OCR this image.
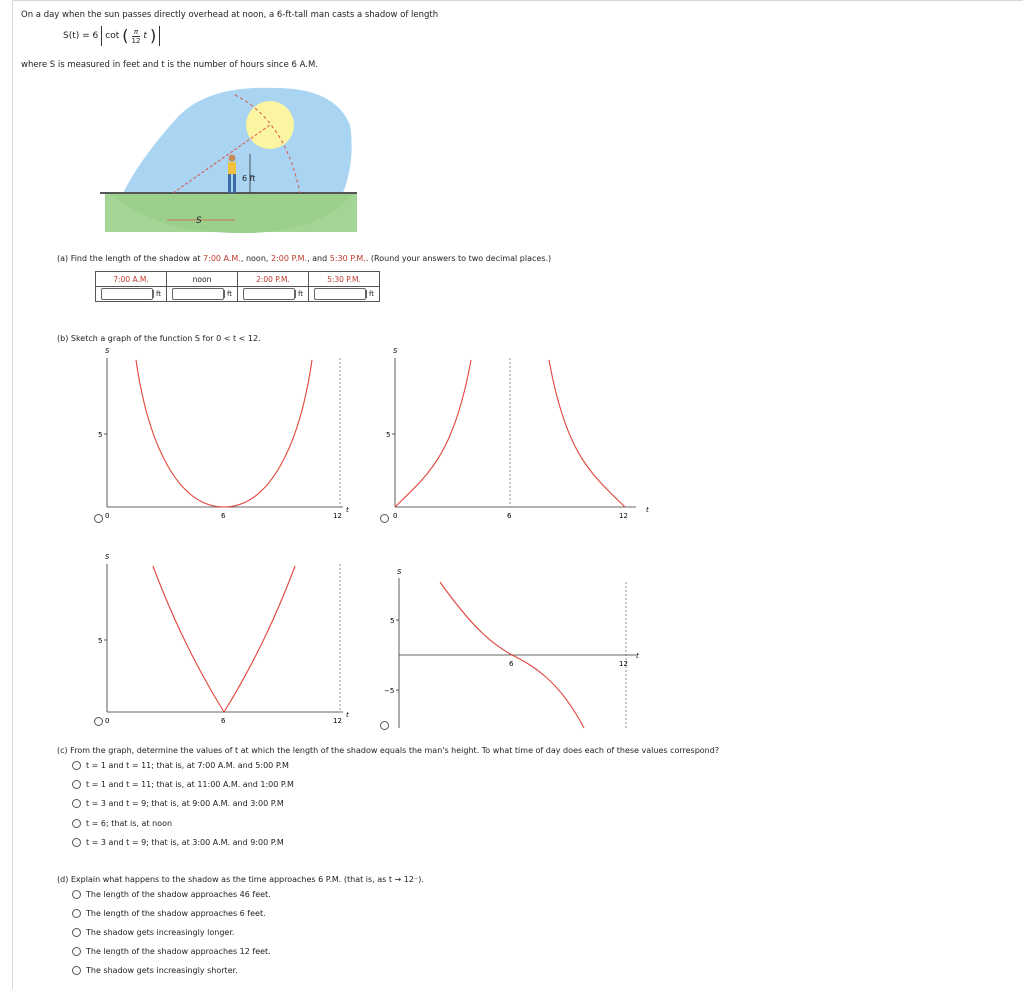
On a day when the sun passes directly overhead at noon, a 6-ft-tall man casts a shadow of length
S(t) = 6 cot ( $\frac{\pi}{12}$ t )
where S is measured in feet and t is the number of hours since 6 A.M.
6 ft
S
(a) Find the length of the shadow at 7:00 A.M., noon, 2:00 P.M., and 5:30 P.M.. (Round your answers to two decimal places.)
7:00 A.M.	noon	2:00 P.M.	5:30 P.M.
ft	ft	ft	ft
(b) Sketch a graph of the function S for 0 < t < 12.
S
5
0	6	12
t
S
5
0	6	12
t
S
5
0	6	12
t
S
5
−5
6	12
t
(c) From the graph, determine the values of t at which the length of the shadow equals the man's height. To what time of day does each of these values correspond?
t = 1 and t = 11; that is, at 7:00 A.M. and 5:00 P.M
t = 1 and t = 11; that is, at 11:00 A.M. and 1:00 P.M
t = 3 and t = 9; that is, at 9:00 A.M. and 3:00 P.M
t = 6; that is, at noon
t = 3 and t = 9; that is, at 3:00 A.M. and 9:00 P.M
(d) Explain what happens to the shadow as the time approaches 6 P.M. (that is, as t → 12⁻).
The length of the shadow approaches 46 feet.
The length of the shadow approaches 6 feet.
The shadow gets increasingly longer.
The length of the shadow approaches 12 feet.
The shadow gets increasingly shorter.
